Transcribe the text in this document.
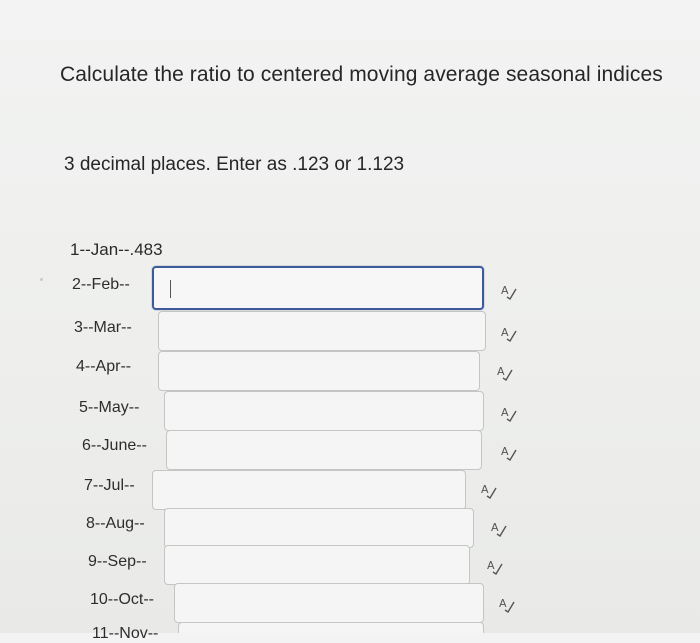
Calculate the ratio to centered moving average seasonal indices
3 decimal places. Enter as .123 or 1.123
1--Jan--.483
2--Feb--	A
3--Mar--	A
4--Apr--	A
5--May--	A
6--June--	A
7--Jul--	A
8--Aug--	A
9--Sep--	A
10--Oct--	A
11--Nov--
